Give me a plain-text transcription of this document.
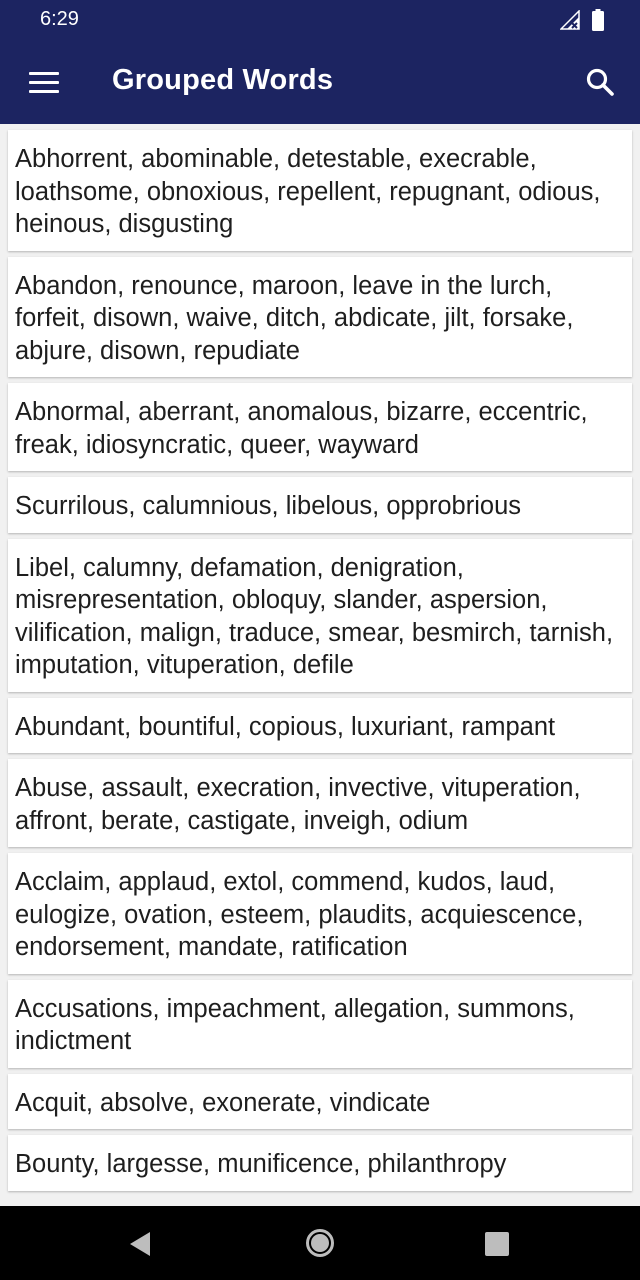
6:29
Grouped Words
Abhorrent, abominable, detestable, execrable, loathsome, obnoxious, repellent, repugnant, odious, heinous, disgusting
Abandon, renounce, maroon, leave in the lurch, forfeit, disown, waive, ditch, abdicate, jilt, forsake, abjure, disown, repudiate
Abnormal, aberrant, anomalous, bizarre, eccentric, freak, idiosyncratic, queer, wayward
Scurrilous, calumnious, libelous, opprobrious
Libel, calumny, defamation, denigration, misrepresentation, obloquy, slander, aspersion, vilification, malign, traduce, smear, besmirch, tarnish, imputation, vituperation, defile
Abundant, bountiful, copious, luxuriant, rampant
Abuse, assault, execration, invective, vituperation, affront, berate, castigate, inveigh, odium
Acclaim, applaud, extol, commend, kudos, laud, eulogize, ovation, esteem, plaudits, acquiescence, endorsement, mandate, ratification
Accusations, impeachment, allegation, summons, indictment
Acquit, absolve, exonerate, vindicate
Bounty, largesse, munificence, philanthropy
